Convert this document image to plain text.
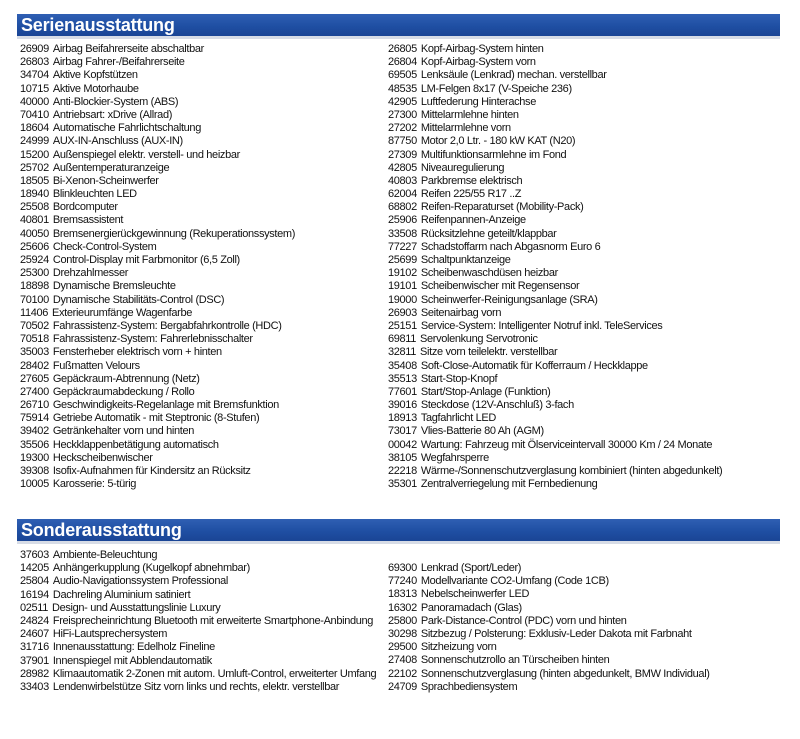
Serienausstattung
26909 Airbag Beifahrerseite abschaltbar
26803 Airbag Fahrer-/Beifahrerseite
34704 Aktive Kopfstützen
10715 Aktive Motorhaube
40000 Anti-Blockier-System (ABS)
70410 Antriebsart: xDrive (Allrad)
18604 Automatische Fahrlichtschaltung
24999 AUX-IN-Anschluss (AUX-IN)
15200 Außenspiegel elektr. verstell- und heizbar
25702 Außentemperaturanzeige
18505 Bi-Xenon-Scheinwerfer
18940 Blinkleuchten LED
25508 Bordcomputer
40801 Bremsassistent
40050 Bremsenergierückgewinnung (Rekuperationssystem)
25606 Check-Control-System
25924 Control-Display mit Farbmonitor (6,5 Zoll)
25300 Drehzahlmesser
18898 Dynamische Bremsleuchte
70100 Dynamische Stabilitäts-Control (DSC)
11406 Exterieurumfänge Wagenfarbe
70502 Fahrassistenz-System: Bergabfahrkontrolle (HDC)
70518 Fahrassistenz-System: Fahrerlebnisschalter
35003 Fensterheber elektrisch vorn + hinten
28402 Fußmatten Velours
27605 Gepäckraum-Abtrennung (Netz)
27400 Gepäckraumabdeckung / Rollo
26710 Geschwindigkeits-Regelanlage mit Bremsfunktion
75914 Getriebe Automatik - mit Steptronic (8-Stufen)
39402 Getränkehalter vorn und hinten
35506 Heckklappenbetätigung automatisch
19300 Heckscheibenwischer
39308 Isofix-Aufnahmen für Kindersitz an Rücksitz
10005 Karosserie: 5-türig
26805 Kopf-Airbag-System hinten
26804 Kopf-Airbag-System vorn
69505 Lenksäule (Lenkrad) mechan. verstellbar
48535 LM-Felgen 8x17 (V-Speiche 236)
42905 Luftfederung Hinterachse
27300 Mittelarmlehne hinten
27202 Mittelarmlehne vorn
87750 Motor 2,0 Ltr. - 180 kW KAT (N20)
27309 Multifunktionsarmlehne im Fond
42805 Niveauregulierung
40803 Parkbremse elektrisch
62004 Reifen 225/55 R17 ..Z
68802 Reifen-Reparaturset (Mobility-Pack)
25906 Reifenpannen-Anzeige
33508 Rücksitzlehne geteilt/klappbar
77227 Schadstoffarm nach Abgasnorm Euro 6
25699 Schaltpunktanzeige
19102 Scheibenwaschdüsen heizbar
19101 Scheibenwischer mit Regensensor
19000 Scheinwerfer-Reinigungsanlage (SRA)
26903 Seitenairbag vorn
25151 Service-System: Intelligenter Notruf inkl. TeleServices
69811 Servolenkung Servotronic
32811 Sitze vorn teilelektr. verstellbar
35408 Soft-Close-Automatik für Kofferraum / Heckklappe
35513 Start-Stop-Knopf
77601 Start/Stop-Anlage (Funktion)
39016 Steckdose (12V-Anschluß) 3-fach
18913 Tagfahrlicht LED
73017 Vlies-Batterie 80 Ah (AGM)
00042 Wartung: Fahrzeug mit Ölserviceintervall 30000 Km / 24 Monate
38105 Wegfahrsperre
22218 Wärme-/Sonnenschutzverglasung kombiniert (hinten abgedunkelt)
35301 Zentralverriegelung mit Fernbedienung
Sonderausstattung
37603 Ambiente-Beleuchtung
14205 Anhängerkupplung (Kugelkopf abnehmbar)
25804 Audio-Navigationssystem Professional
16194 Dachreling Aluminium satiniert
02511 Design- und Ausstattungslinie Luxury
24824 Freisprecheinrichtung Bluetooth mit erweiterte Smartphone-Anbindung
24607 HiFi-Lautsprechersystem
31716 Innenausstattung: Edelholz Fineline
37901 Innenspiegel mit Abblendautomatik
28982 Klimaautomatik 2-Zonen mit autom. Umluft-Control, erweiterter Umfang
33403 Lendenwirbelstütze Sitz vorn links und rechts, elektr. verstellbar
69300 Lenkrad (Sport/Leder)
77240 Modellvariante CO2-Umfang (Code 1CB)
18313 Nebelscheinwerfer LED
16302 Panoramadach (Glas)
25800 Park-Distance-Control (PDC) vorn und hinten
30298 Sitzbezug / Polsterung: Exklusiv-Leder Dakota mit Farbnaht
29500 Sitzheizung vorn
27408 Sonnenschutzrollo an Türscheiben hinten
22102 Sonnenschutzverglasung (hinten abgedunkelt, BMW Individual)
24709 Sprachbediensystem
